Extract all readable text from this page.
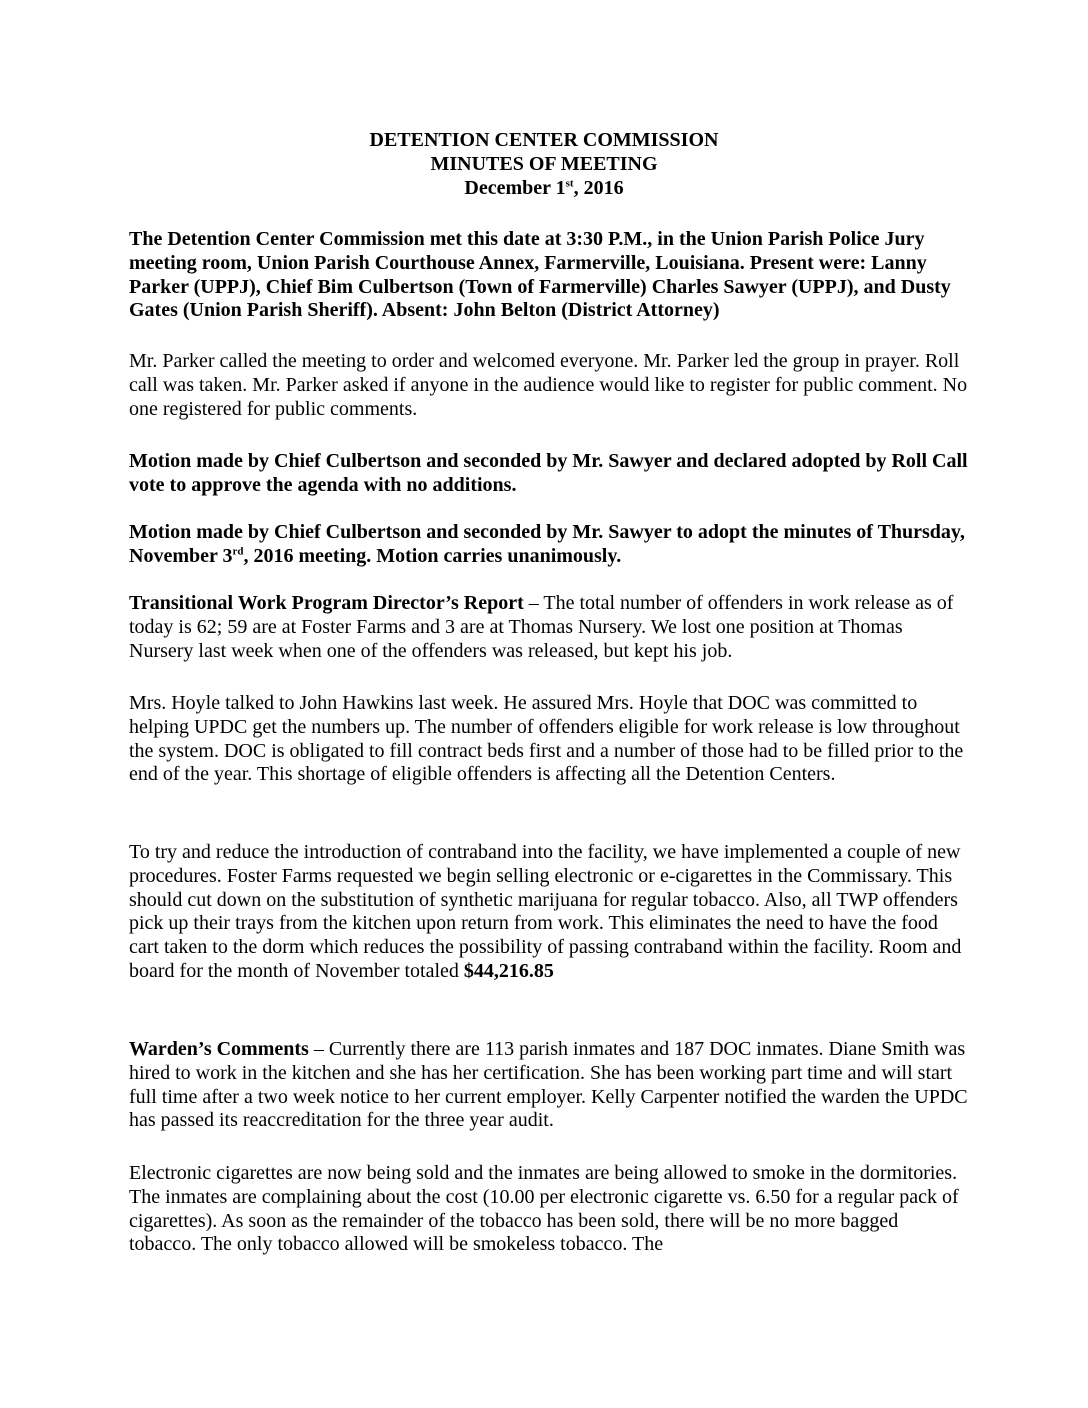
DETENTION CENTER COMMISSION
MINUTES OF MEETING
December 1st, 2016
The Detention Center Commission met this date at 3:30 P.M., in the Union Parish Police Jury meeting room, Union Parish Courthouse Annex, Farmerville, Louisiana. Present were: Lanny Parker (UPPJ), Chief Bim Culbertson (Town of Farmerville) Charles Sawyer (UPPJ), and Dusty Gates (Union Parish Sheriff). Absent: John Belton (District Attorney)
Mr. Parker called the meeting to order and welcomed everyone. Mr. Parker led the group in prayer. Roll call was taken. Mr. Parker asked if anyone in the audience would like to register for public comment. No one registered for public comments.
Motion made by Chief Culbertson and seconded by Mr. Sawyer and declared adopted by Roll Call vote to approve the agenda with no additions.
Motion made by Chief Culbertson and seconded by Mr. Sawyer to adopt the minutes of Thursday, November 3rd, 2016 meeting. Motion carries unanimously.
Transitional Work Program Director’s Report – The total number of offenders in work release as of today is 62; 59 are at Foster Farms and 3 are at Thomas Nursery. We lost one position at Thomas Nursery last week when one of the offenders was released, but kept his job.
Mrs. Hoyle talked to John Hawkins last week. He assured Mrs. Hoyle that DOC was committed to helping UPDC get the numbers up. The number of offenders eligible for work release is low throughout the system. DOC is obligated to fill contract beds first and a number of those had to be filled prior to the end of the year. This shortage of eligible offenders is affecting all the Detention Centers.
To try and reduce the introduction of contraband into the facility, we have implemented a couple of new procedures. Foster Farms requested we begin selling electronic or e-cigarettes in the Commissary. This should cut down on the substitution of synthetic marijuana for regular tobacco. Also, all TWP offenders pick up their trays from the kitchen upon return from work. This eliminates the need to have the food cart taken to the dorm which reduces the possibility of passing contraband within the facility. Room and board for the month of November totaled $44,216.85
Warden’s Comments – Currently there are 113 parish inmates and 187 DOC inmates. Diane Smith was hired to work in the kitchen and she has her certification. She has been working part time and will start full time after a two week notice to her current employer. Kelly Carpenter notified the warden the UPDC has passed its reaccreditation for the three year audit.
Electronic cigarettes are now being sold and the inmates are being allowed to smoke in the dormitories. The inmates are complaining about the cost (10.00 per electronic cigarette vs. 6.50 for a regular pack of cigarettes). As soon as the remainder of the tobacco has been sold, there will be no more bagged tobacco. The only tobacco allowed will be smokeless tobacco. The
